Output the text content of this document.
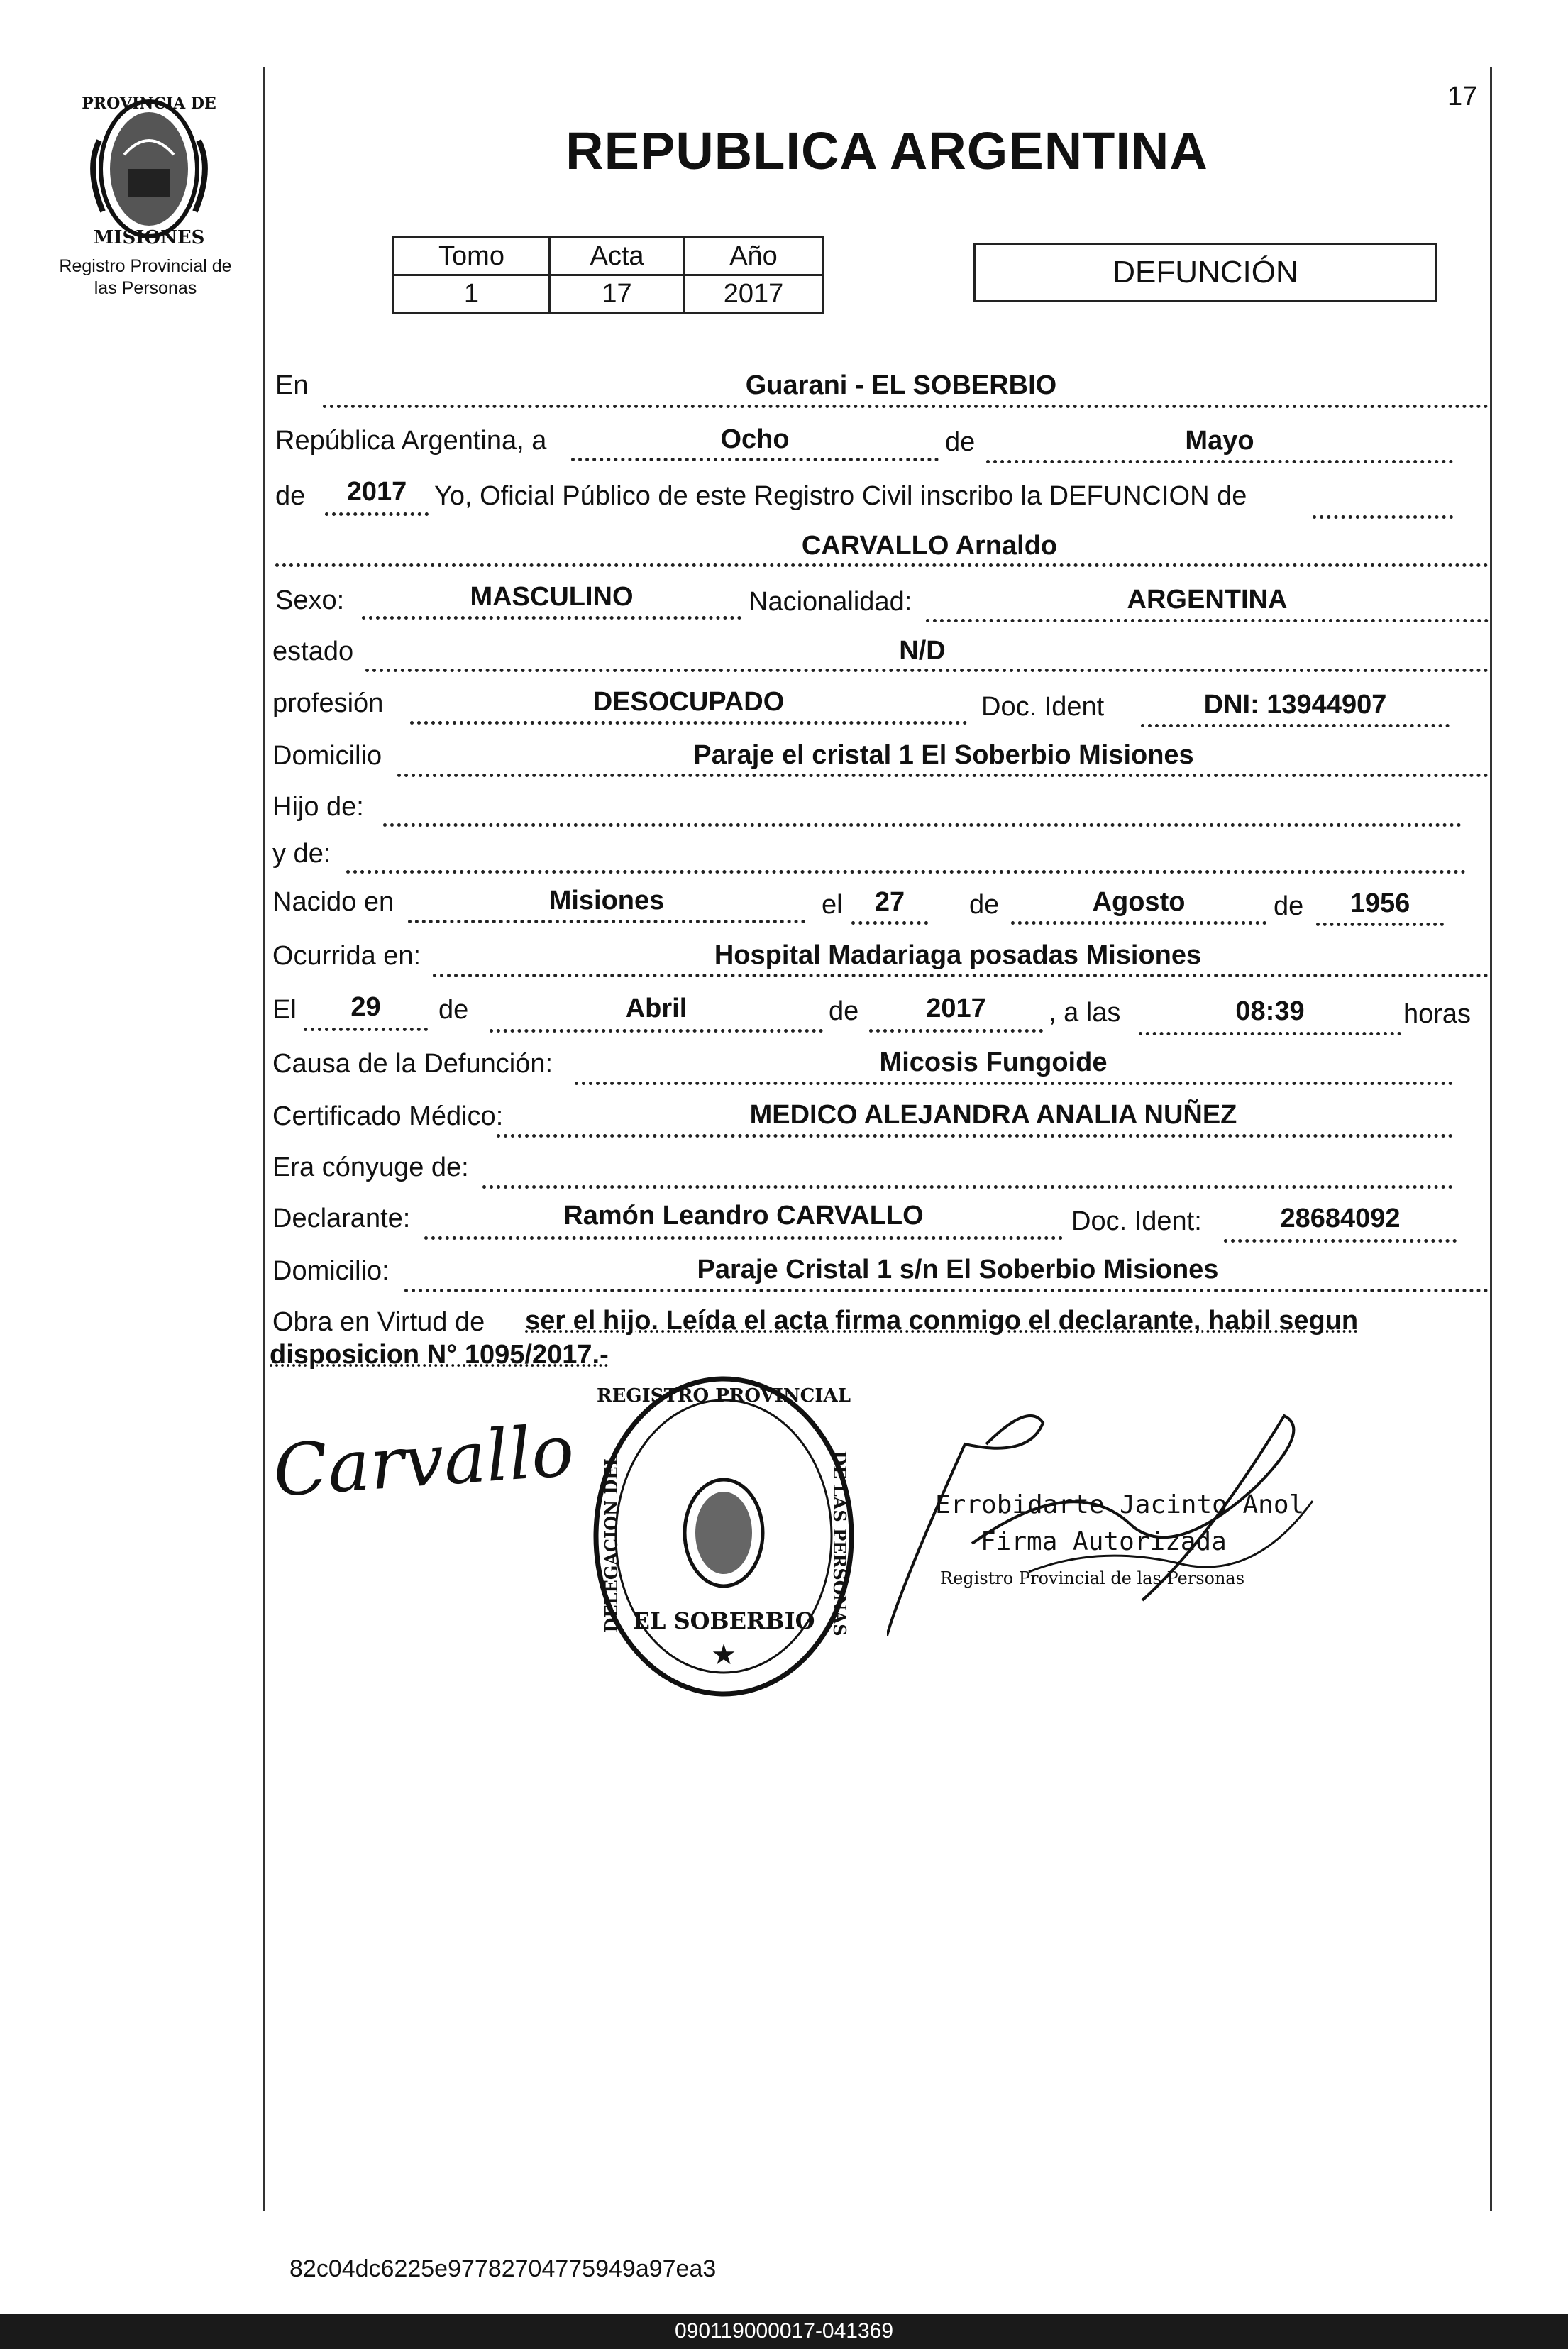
17
PROVINCIA DE
MISIONES
Registro Provincial de
las Personas
REPUBLICA ARGENTINA
Tomo	Acta	Año
1	17	2017
DEFUNCIÓN
En	Guarani - EL SOBERBIO
República Argentina, a	Ocho	de	Mayo
de	2017	Yo, Oficial Público de este Registro Civil inscribo la DEFUNCION de
CARVALLO Arnaldo
Sexo:	MASCULINO	Nacionalidad:	ARGENTINA
estado	N/D
profesión	DESOCUPADO	Doc. Ident	DNI: 13944907
Domicilio	Paraje el cristal 1 El Soberbio Misiones
Hijo de:
y de:
Nacido en	Misiones	el	27	de	Agosto	de	1956
Ocurrida en:	Hospital Madariaga posadas Misiones
El	29	de	Abril	de	2017	, a las	08:39	horas
Causa de la Defunción:	Micosis Fungoide
Certificado Médico:	MEDICO ALEJANDRA ANALIA NUÑEZ
Era cónyuge de:
Declarante:	Ramón Leandro CARVALLO	Doc. Ident:	28684092
Domicilio:	Paraje Cristal 1 s/n El Soberbio Misiones
Obra en Virtud de ser el hijo. Leída el acta firma conmigo el declarante, habil segun
disposicion N° 1095/2017.-
Carvallo
REGISTRO PROVINCIAL
DELEGACION DEL	DE LAS PERSONAS
EL SOBERBIO
★
Errobidarte Jacinto Anol
Firma Autorizada
Registro Provincial de las Personas
82c04dc6225e97782704775949a97ea3
090119000017-041369
